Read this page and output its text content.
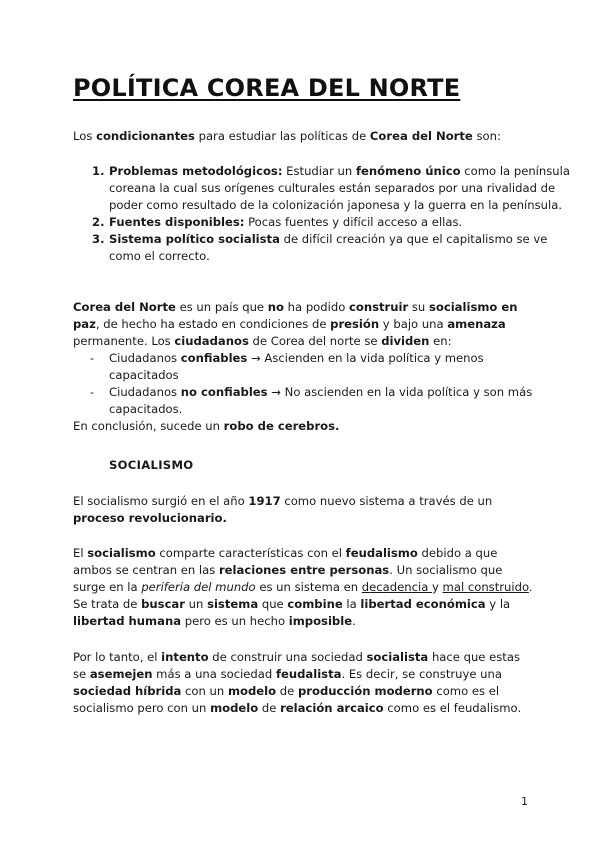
POLÍTICA COREA DEL NORTE

Los condicionantes para estudiar las políticas de Corea del Norte son:

1. Problemas metodológicos: Estudiar un fenómeno único como la península coreana la cual sus orígenes culturales están separados por una rivalidad de poder como resultado de la colonización japonesa y la guerra en la península.
2. Fuentes disponibles: Pocas fuentes y difícil acceso a ellas.
3. Sistema político socialista de difícil creación ya que el capitalismo se ve como el correcto.

Corea del Norte es un país que no ha podido construir su socialismo en paz, de hecho ha estado en condiciones de presión y bajo una amenaza permanente. Los ciudadanos de Corea del norte se dividen en:

- Ciudadanos confiables → Ascienden en la vida política y menos capacitados
- Ciudadanos no confiables → No ascienden en la vida política y son más capacitados.

En conclusión, sucede un robo de cerebros.

SOCIALISMO

El socialismo surgió en el año 1917 como nuevo sistema a través de un proceso revolucionario.

El socialismo comparte características con el feudalismo debido a que ambos se centran en las relaciones entre personas. Un socialismo que surge en la periferia del mundo es un sistema en decadencia y mal construido. Se trata de buscar un sistema que combine la libertad económica y la libertad humana pero es un hecho imposible.

Por lo tanto, el intento de construir una sociedad socialista hace que estas se asemejen más a una sociedad feudalista. Es decir, se construye una sociedad híbrida con un modelo de producción moderno como es el socialismo pero con un modelo de relación arcaico como es el feudalismo.

1
